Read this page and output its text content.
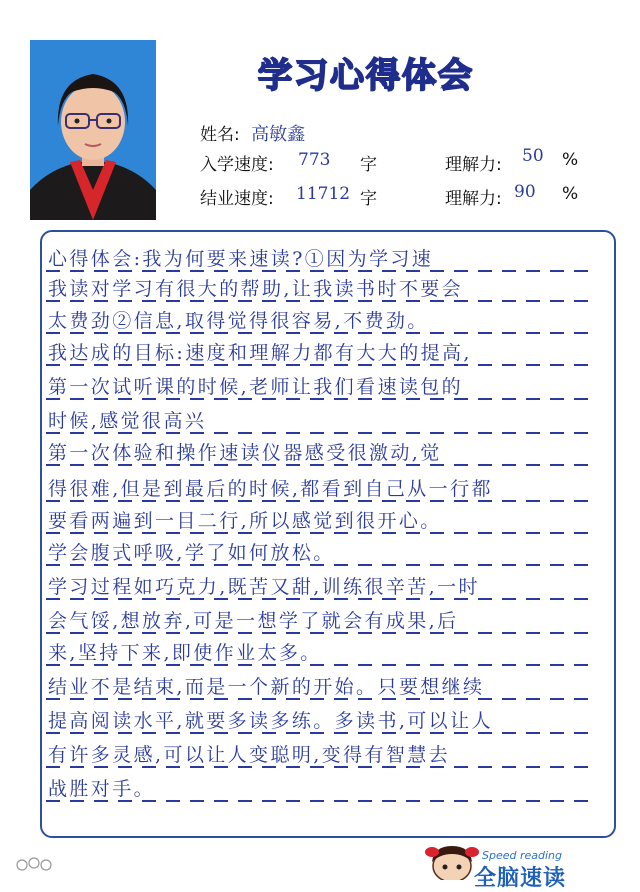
学习心得体会
姓名: 高敏鑫
入学速度: 773 字	理解力: 50 %
结业速度: 11712 字	理解力: 90 %
心得体会:我为何要来速读?①因为学习速
我读对学习有很大的帮助,让我读书时不要会
太费劲②信息,取得觉得很容易,不费劲。
我达成的目标:速度和理解力都有大大的提高,
第一次试听课的时候,老师让我们看速读包的
时候,感觉很高兴
第一次体验和操作速读仪器感受很激动,觉
得很难,但是到最后的时候,都看到自己从一行都
要看两遍到一目二行,所以感觉到很开心。
学会腹式呼吸,学了如何放松。
学习过程如巧克力,既苦又甜,训练很辛苦,一时
会气馁,想放弃,可是一想学了就会有成果,后
来,坚持下来,即使作业太多。
结业不是结束,而是一个新的开始。只要想继续
提高阅读水平,就要多读多练。多读书,可以让人
有许多灵感,可以让人变聪明,变得有智慧去
战胜对手。
Speed reading
全脑速读
